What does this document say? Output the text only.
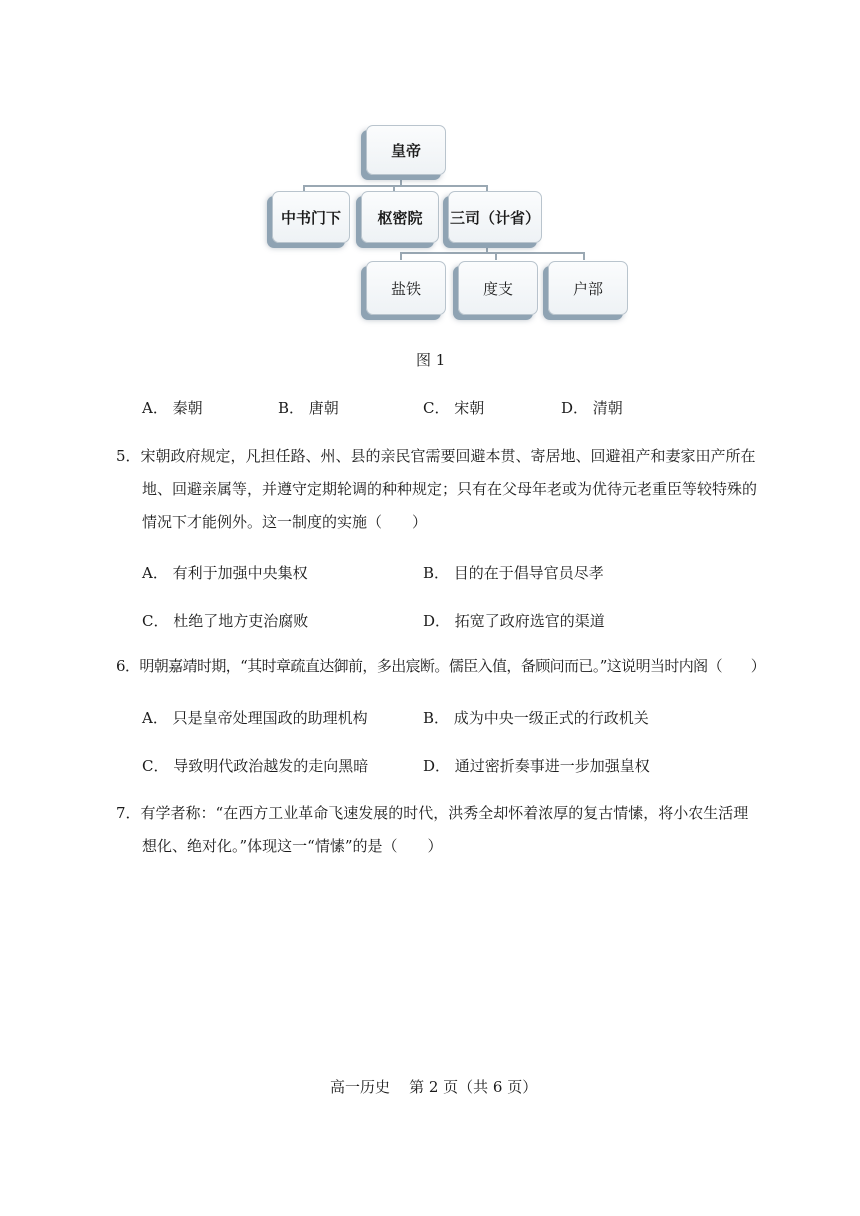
皇帝
中书门下	枢密院	三司（计省）
盐铁	度支	户部
图 1
A． 秦朝	B． 唐朝	C． 宋朝	D． 清朝
5．宋朝政府规定，凡担任路、州、县的亲民官需要回避本贯、寄居地、回避祖产和妻家田产所在
地、回避亲属等，并遵守定期轮调的种种规定；只有在父母年老或为优待元老重臣等较特殊的
情况下才能例外。这一制度的实施（　　）
A． 有利于加强中央集权	B． 目的在于倡导官员尽孝
C． 杜绝了地方吏治腐败	D． 拓宽了政府选官的渠道
6．明朝嘉靖时期，“其时章疏直达御前，多出宸断。儒臣入值，备顾问而已。”这说明当时内阁（　　）
A． 只是皇帝处理国政的助理机构	B． 成为中央一级正式的行政机关
C． 导致明代政治越发的走向黑暗	D． 通过密折奏事进一步加强皇权
7．有学者称：“在西方工业革命飞速发展的时代，洪秀全却怀着浓厚的复古情愫，将小农生活理
想化、绝对化。”体现这一“情愫”的是（　　）
高一历史    第 2 页（共 6 页）
